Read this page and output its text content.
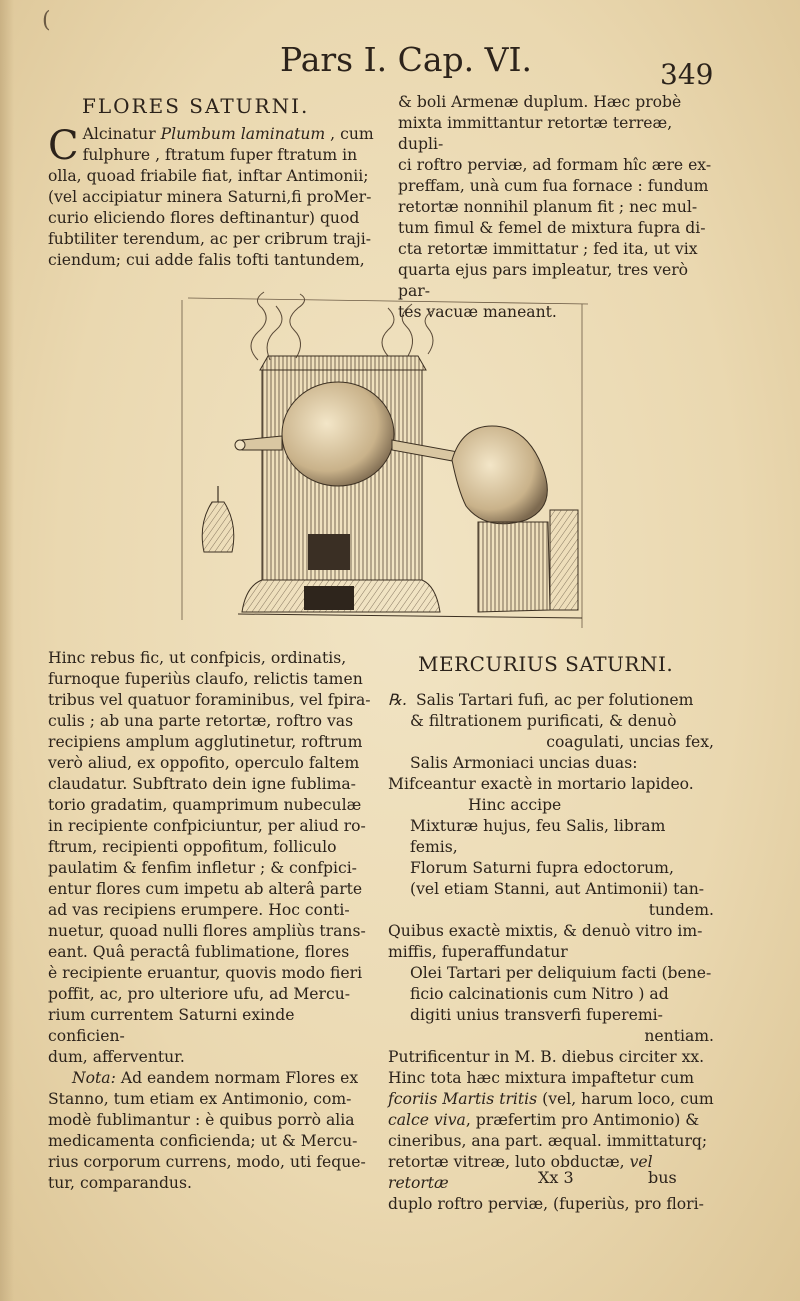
(
Pars I. Cap. VI.	349
FLORES SATURNI.

C Alcinatur Plumbum laminatum , cum

fulphure , ftratum fuper ftratum in

olla, quoad friabile fiat, inftar Antimonii;

(vel accipiatur minera Saturni,fi proMer-

curio eliciendo flores deftinantur) quod

fubtiliter terendum, ac per cribrum traji-

ciendum; cui adde falis tofti tantundem,

& boli Armenæ duplum. Hæc probè

mixta immittantur retortæ terreæ, dupli-

ci roftro perviæ, ad formam hîc ære ex-

preffam, unà cum fua fornace : fundum

retortæ nonnihil planum fit ; nec mul-

tum fimul & femel de mixtura fupra di-

cta retortæ immittatur ; fed ita, ut vix

quarta ejus pars impleatur, tres verò par-

tes vacuæ maneant.

Hinc rebus fic, ut confpicis, ordinatis,

furnoque fuperiùs claufo, relictis tamen

tribus vel quatuor foraminibus, vel fpira-

culis ; ab una parte retortæ, roftro vas

recipiens amplum agglutinetur, roftrum

verò aliud, ex oppofito, operculo faltem

claudatur. Subftrato dein igne fublima-

torio gradatim, quamprimum nubeculæ

in recipiente confpiciuntur, per aliud ro-

ftrum, recipienti oppofitum, folliculo

paulatim & fenfim infletur ; & confpici-

entur flores cum impetu ab alterâ parte

ad vas recipiens erumpere. Hoc conti-

nuetur, quoad nulli flores ampliùs trans-

eant. Quâ peractâ fublimatione, flores

è recipiente eruantur, quovis modo fieri

poffit, ac, pro ulteriore ufu, ad Mercu-

rium currentem Saturni exinde conficien-

dum, afferventur.

Nota: Ad eandem normam Flores ex

Stanno, tum etiam ex Antimonio, com-

modè fublimantur : è quibus porrò alia

medicamenta conficienda; ut & Mercu-

rius corporum currens, modo, uti feque-

tur, comparandus.

MERCURIUS SATURNI.

℞. Salis Tartari fufi, ac per folutionem

& filtrationem purificati, & denuò

coagulati, uncias fex,

Salis Armoniaci uncias duas:

Mifceantur exactè in mortario lapideo.

Hinc accipe

Mixturæ hujus, feu Salis, libram femis,

Florum Saturni fupra edoctorum,

(vel etiam Stanni, aut Antimonii) tan-

tundem.

Quibus exactè mixtis, & denuò vitro im-

miffis, fuperaffundatur

Olei Tartari per deliquium facti (bene-

ficio calcinationis cum Nitro ) ad

digiti unius transverfi fuperemi-

nentiam.

Putrificentur in M. B. diebus circiter xx.

Hinc tota hæc mixtura impaftetur cum

fcoriis Martis tritis (vel, harum loco, cum

calce viva, præfertim pro Antimonio) &

cineribus, ana part. æqual. immittaturq;

retortæ vitreæ, luto obductæ, vel retortæ

duplo roftro perviæ, (fuperiùs, pro flori-

Xx 3	bus
